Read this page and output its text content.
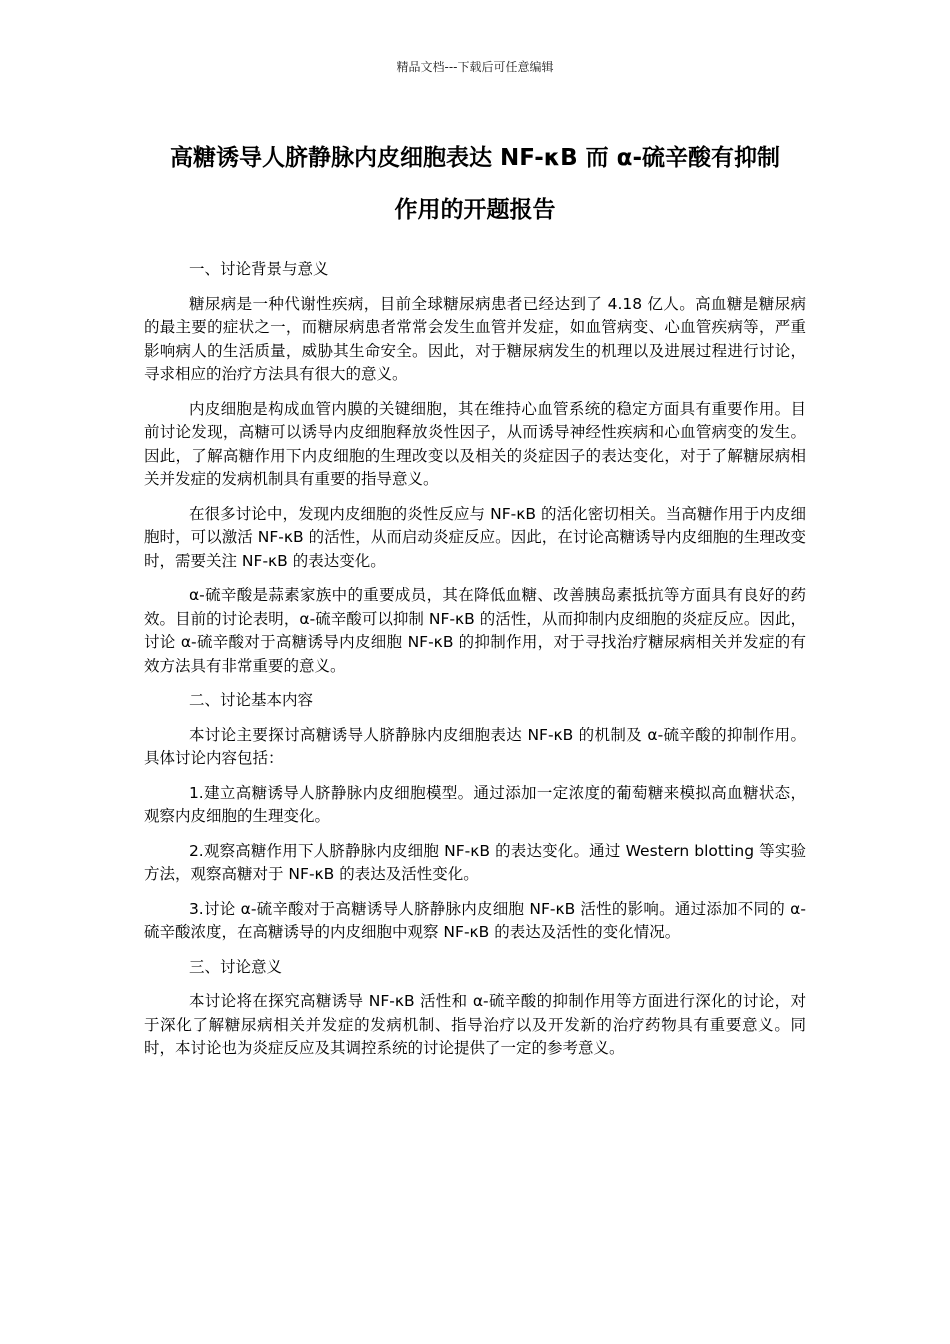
精品文档---下载后可任意编辑
高糖诱导人脐静脉内皮细胞表达 NF-κB 而 α-硫辛酸有抑制
作用的开题报告

一、讨论背景与意义

糖尿病是一种代谢性疾病，目前全球糖尿病患者已经达到了 4.18 亿人。高血糖是糖尿病的最主要的症状之一，而糖尿病患者常常会发生血管并发症，如血管病变、心血管疾病等，严重影响病人的生活质量，威胁其生命安全。因此，对于糖尿病发生的机理以及进展过程进行讨论，寻求相应的治疗方法具有很大的意义。

内皮细胞是构成血管内膜的关键细胞，其在维持心血管系统的稳定方面具有重要作用。目前讨论发现，高糖可以诱导内皮细胞释放炎性因子，从而诱导神经性疾病和心血管病变的发生。因此，了解高糖作用下内皮细胞的生理改变以及相关的炎症因子的表达变化，对于了解糖尿病相关并发症的发病机制具有重要的指导意义。

在很多讨论中，发现内皮细胞的炎性反应与 NF-κB 的活化密切相关。当高糖作用于内皮细胞时，可以激活 NF-κB 的活性，从而启动炎症反应。因此，在讨论高糖诱导内皮细胞的生理改变时，需要关注 NF-κB 的表达变化。

α-硫辛酸是蒜素家族中的重要成员，其在降低血糖、改善胰岛素抵抗等方面具有良好的药效。目前的讨论表明，α-硫辛酸可以抑制 NF-κB 的活性，从而抑制内皮细胞的炎症反应。因此，讨论 α-硫辛酸对于高糖诱导内皮细胞 NF-κB 的抑制作用，对于寻找治疗糖尿病相关并发症的有效方法具有非常重要的意义。

二、讨论基本内容

本讨论主要探讨高糖诱导人脐静脉内皮细胞表达 NF-κB 的机制及 α-硫辛酸的抑制作用。具体讨论内容包括：

1.建立高糖诱导人脐静脉内皮细胞模型。通过添加一定浓度的葡萄糖来模拟高血糖状态，观察内皮细胞的生理变化。

2.观察高糖作用下人脐静脉内皮细胞 NF-κB 的表达变化。通过 Western blotting 等实验方法，观察高糖对于 NF-κB 的表达及活性变化。

3.讨论 α-硫辛酸对于高糖诱导人脐静脉内皮细胞 NF-κB 活性的影响。通过添加不同的 α-硫辛酸浓度，在高糖诱导的内皮细胞中观察 NF-κB 的表达及活性的变化情况。

三、讨论意义

本讨论将在探究高糖诱导 NF-κB 活性和 α-硫辛酸的抑制作用等方面进行深化的讨论，对于深化了解糖尿病相关并发症的发病机制、指导治疗以及开发新的治疗药物具有重要意义。同时，本讨论也为炎症反应及其调控系统的讨论提供了一定的参考意义。
